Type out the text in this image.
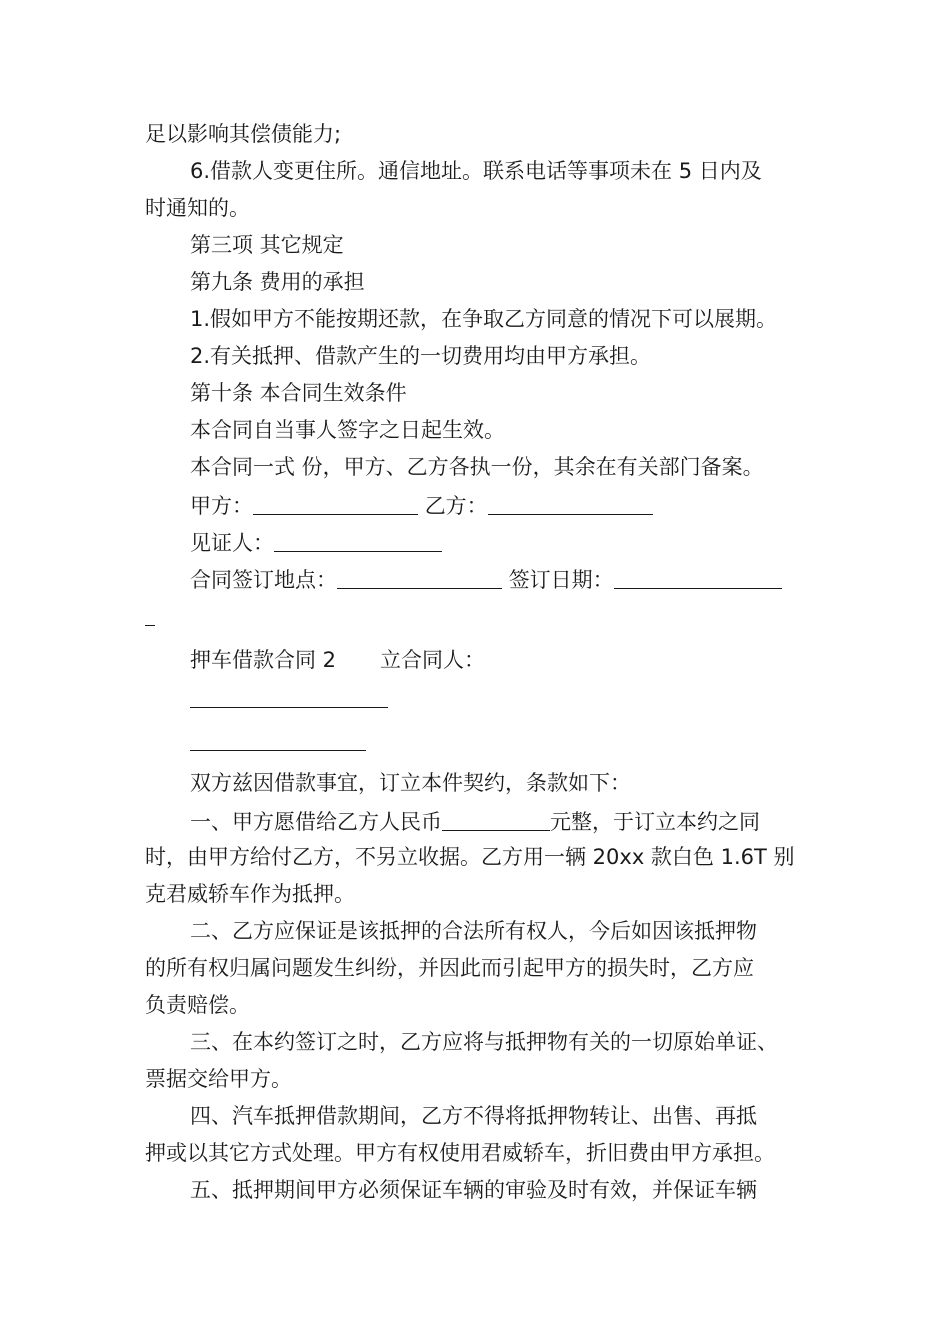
足以影响其偿债能力;

6.借款人变更住所。通信地址。联系电话等事项未在 5 日内及

时通知的。

第三项 其它规定

第九条 费用的承担

1.假如甲方不能按期还款，在争取乙方同意的情况下可以展期。

2.有关抵押、借款产生的一切费用均由甲方承担。

第十条 本合同生效条件

本合同自当事人签字之日起生效。

本合同一式 份，甲方、乙方各执一份，其余在有关部门备案。

甲方：	乙方：

见证人：

合同签订地点：	签订日期：

押车借款合同 2 立合同人：

双方兹因借款事宜，订立本件契约，条款如下：

一、甲方愿借给乙方人民币	元整，于订立本约之同

时，由甲方给付乙方，不另立收据。乙方用一辆 20xx 款白色 1.6T 别

克君威轿车作为抵押。

二、乙方应保证是该抵押的合法所有权人，今后如因该抵押物

的所有权归属问题发生纠纷，并因此而引起甲方的损失时，乙方应

负责赔偿。

三、在本约签订之时，乙方应将与抵押物有关的一切原始单证、

票据交给甲方。

四、汽车抵押借款期间，乙方不得将抵押物转让、出售、再抵

押或以其它方式处理。甲方有权使用君威轿车，折旧费由甲方承担。

五、抵押期间甲方必须保证车辆的审验及时有效，并保证车辆
